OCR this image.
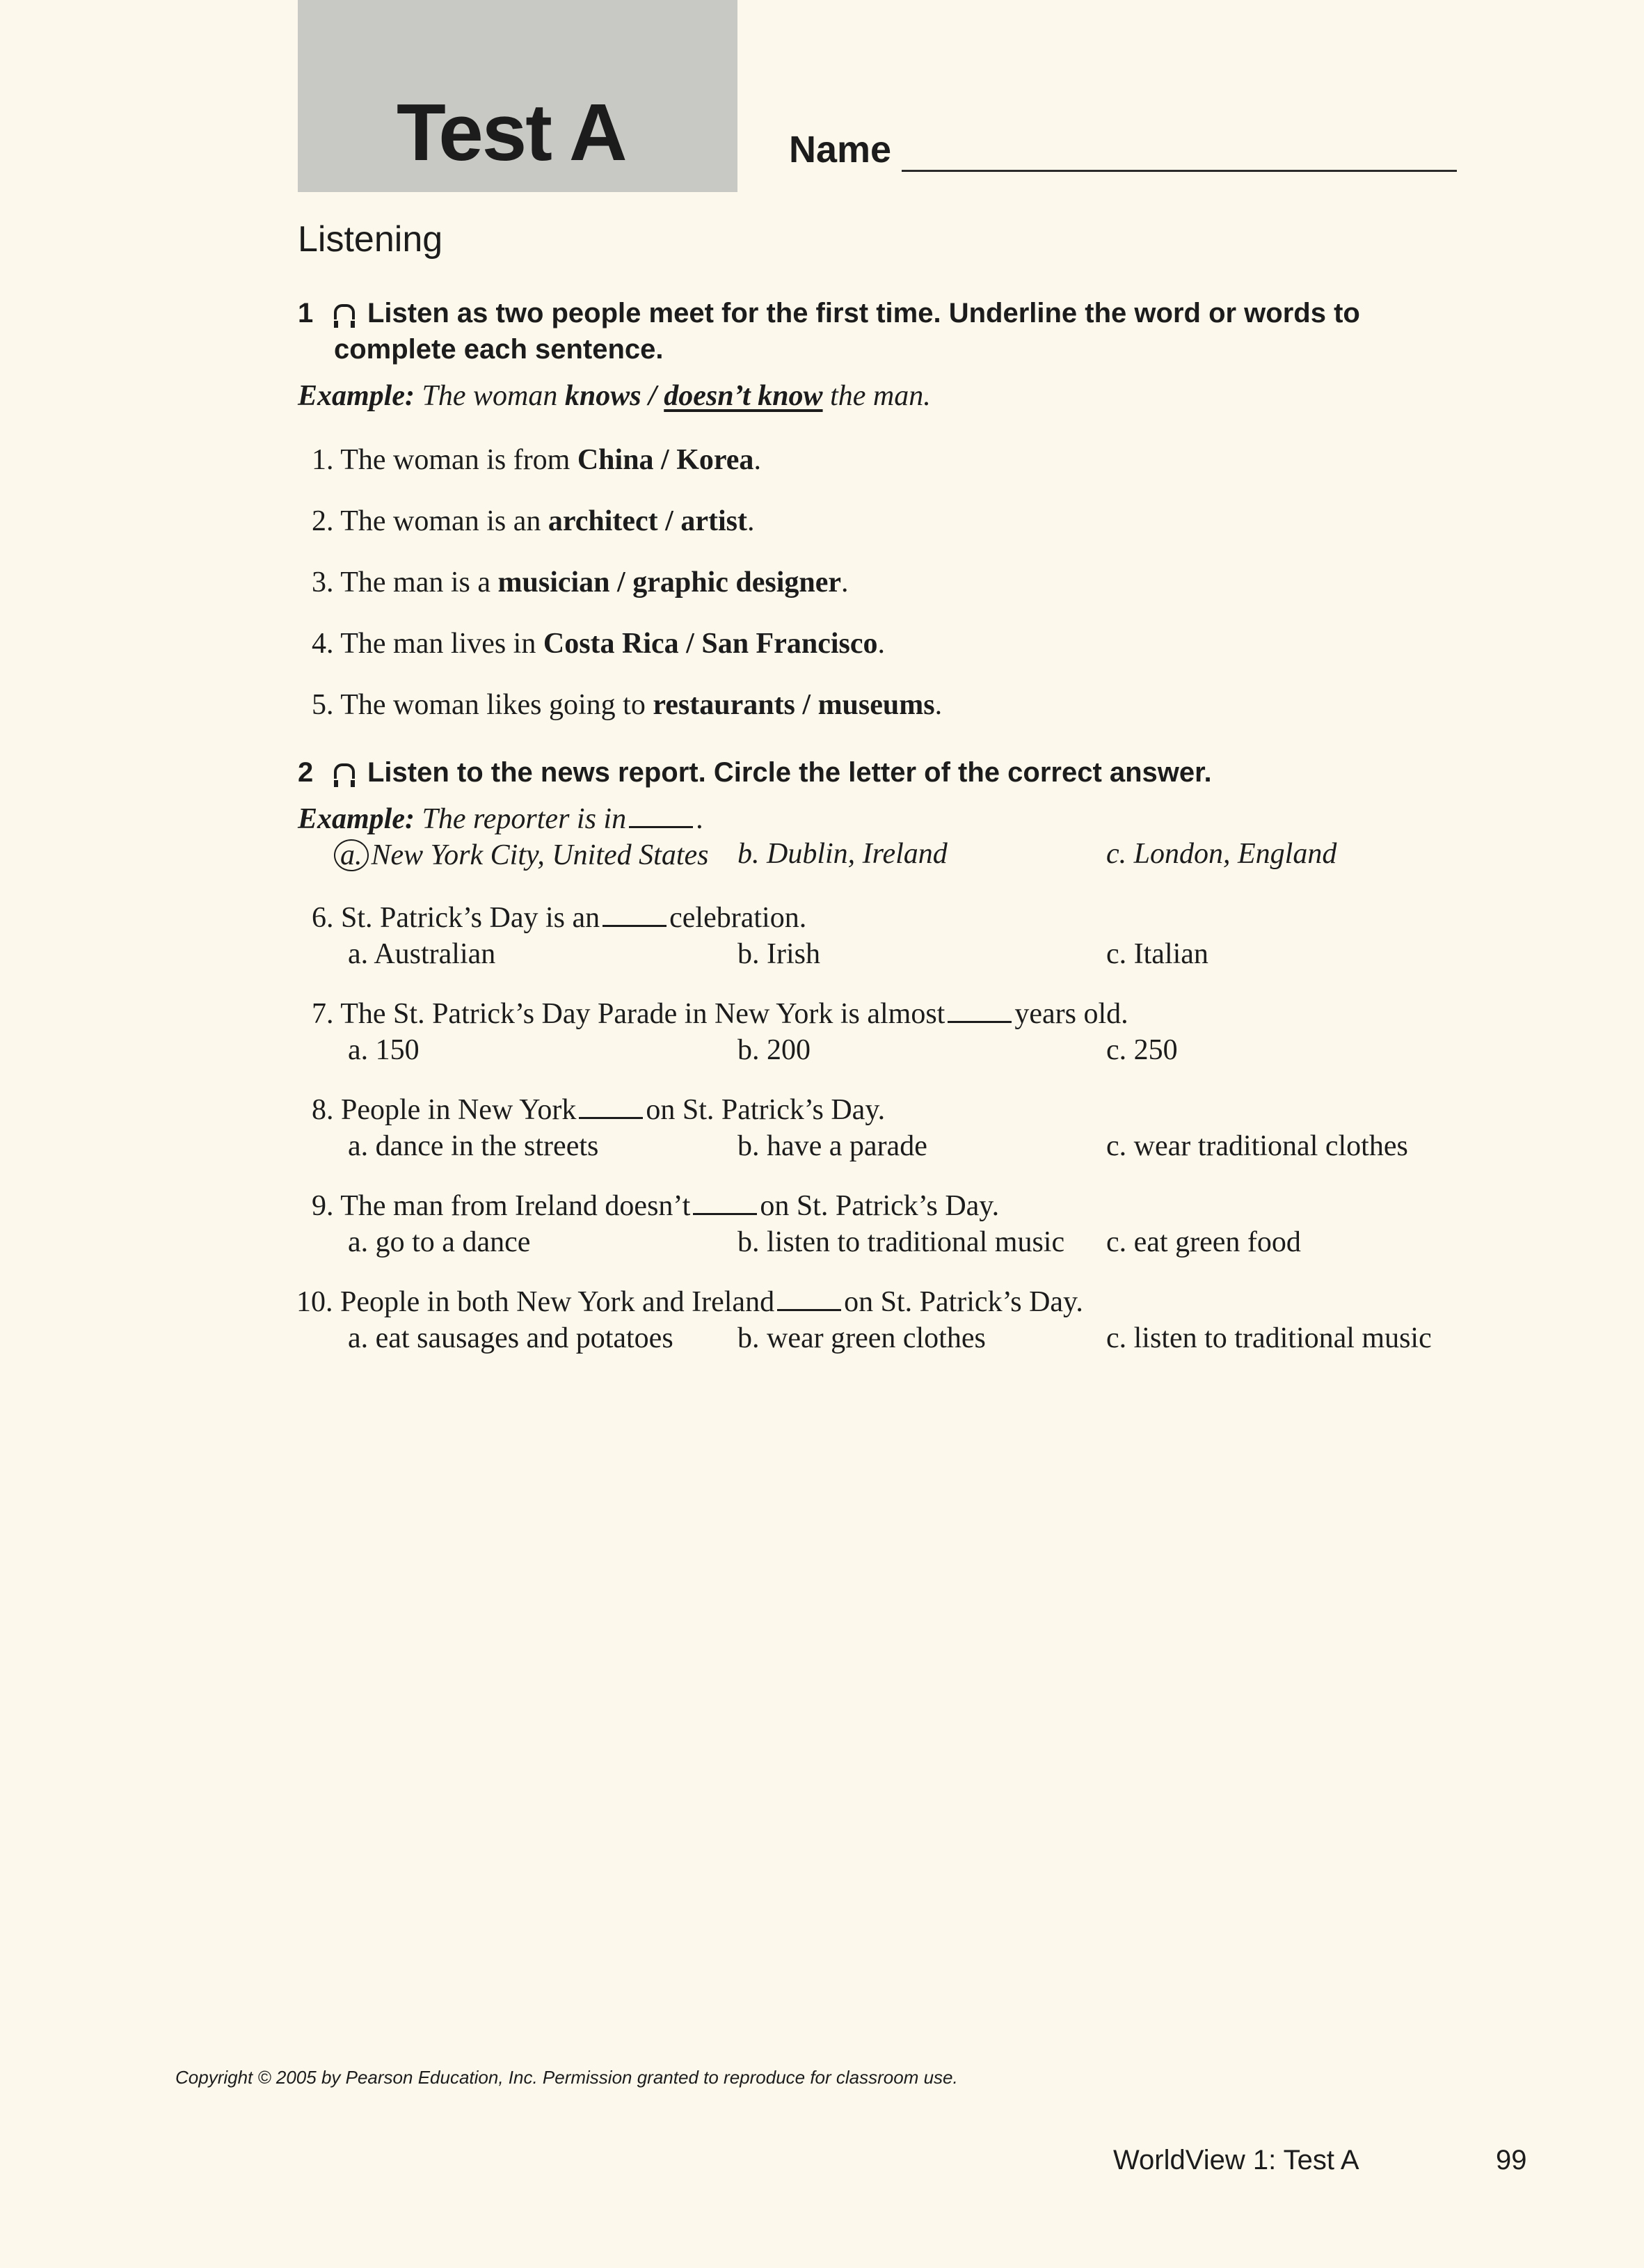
Test A	Name
Listening
1 Listen as two people meet for the first time. Underline the word or words to
complete each sentence.
Example: The woman knows / doesn’t know the man.
1. The woman is from China / Korea.
2. The woman is an architect / artist.
3. The man is a musician / graphic designer.
4. The man lives in Costa Rica / San Francisco.
5. The woman likes going to restaurants / museums.
2 Listen to the news report. Circle the letter of the correct answer.
Example: The reporter is in .
a. New York City, United States b. Dublin, Ireland	c. London, England
6. St. Patrick’s Day is an celebration.
a. Australian	b. Irish	c. Italian
7. The St. Patrick’s Day Parade in New York is almost years old.
a. 150	b. 200	c. 250
8. People in New York on St. Patrick’s Day.
a. dance in the streets	b. have a parade	c. wear traditional clothes
9. The man from Ireland doesn’t on St. Patrick’s Day.
a. go to a dance	b. listen to traditional music c. eat green food
10. People in both New York and Ireland on St. Patrick’s Day.
a. eat sausages and potatoes b. wear green clothes	c. listen to traditional music
Copyright © 2005 by Pearson Education, Inc. Permission granted to reproduce for classroom use.
WorldView 1: Test A	99
